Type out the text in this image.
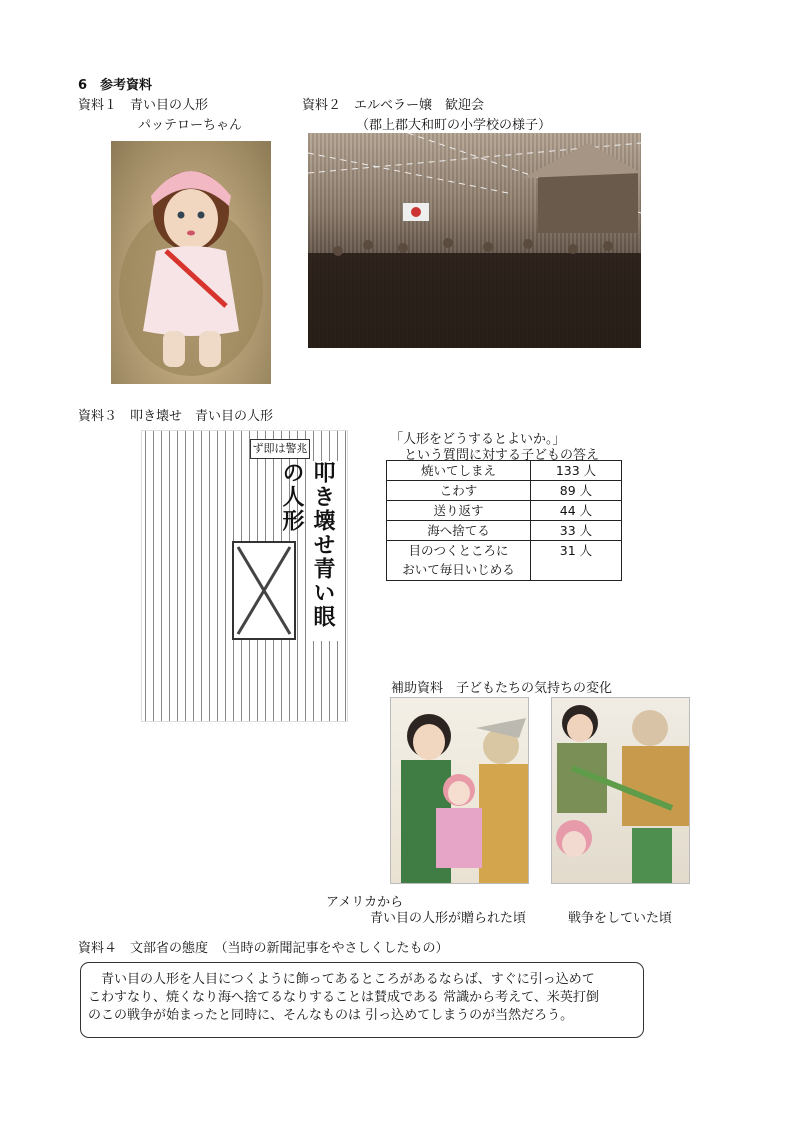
6　参考資料
資料１　青い目の人形
パッテローちゃん
資料２　エルベラー嬢　歓迎会
（郡上郡大和町の小学校の様子）
資料３　叩き壊せ　青い目の人形
ず即は警兆
叩き壊せ青い眼の人形
「人形をどうするとよいか。」
という質問に対する子どもの答え
焼いてしまえ	133 人
こわす	89 人
送り返す	44 人
海へ捨てる	33 人

目のつくところに
おいて毎日いじめる	31 人
補助資料　子どもたちの気持ちの変化
アメリカから
青い目の人形が贈られた頃	戦争をしていた頃
資料４　文部省の態度　（当時の新聞記事をやさしくしたもの）
　青い目の人形を人目につくように飾ってあるところがあるならば、すぐに引っ込めて
こわすなり、焼くなり海へ捨てるなりすることは賛成である 常識から考えて、米英打倒
のこの戦争が始まったと同時に、そんなものは 引っ込めてしまうのが当然だろう。
